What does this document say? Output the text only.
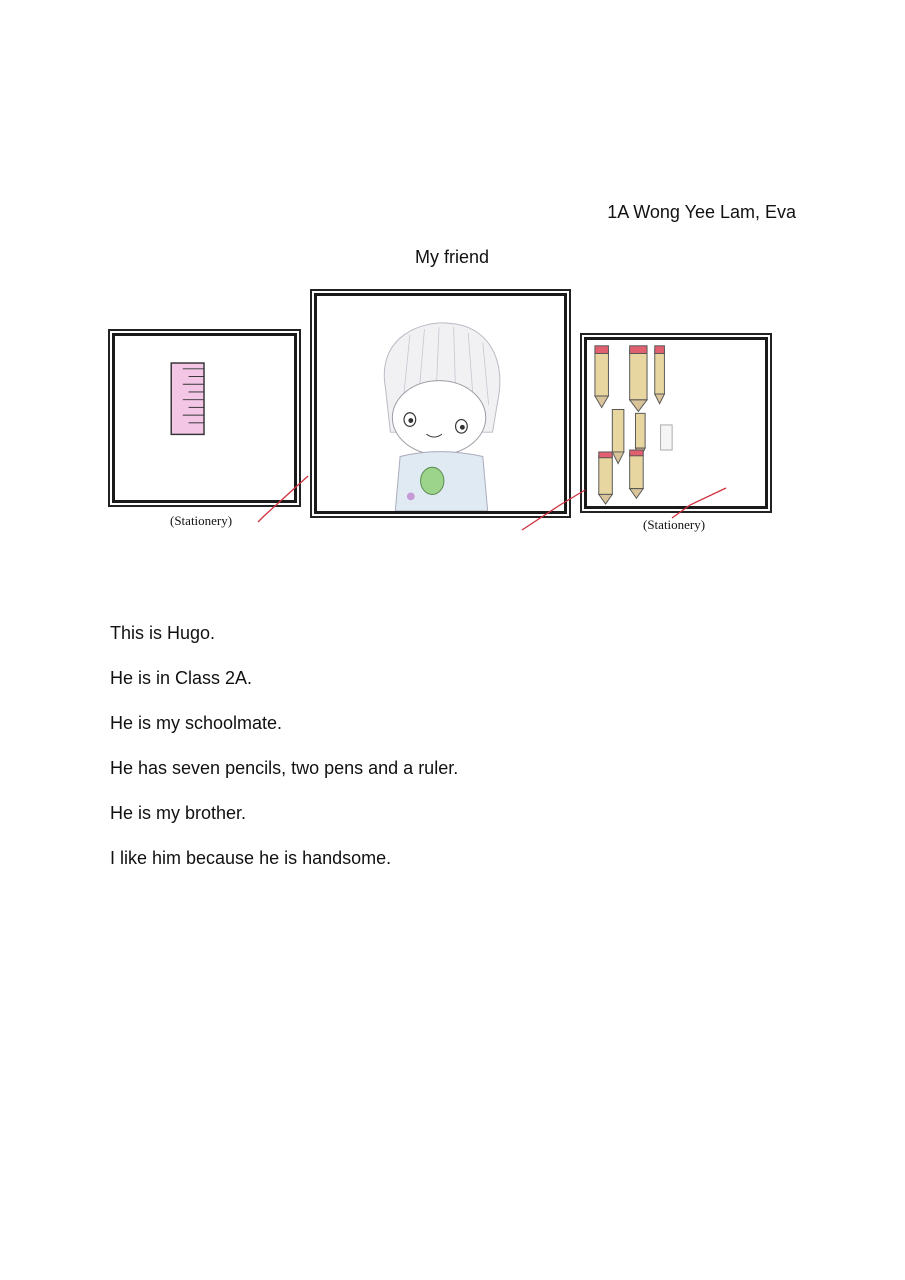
1A Wong Yee Lam, Eva
My friend
(Stationery)	(Stationery)

This is Hugo.

He is in Class 2A.

He is my schoolmate.

He has seven pencils, two pens and a ruler.

He is my brother.

I like him because he is handsome.
